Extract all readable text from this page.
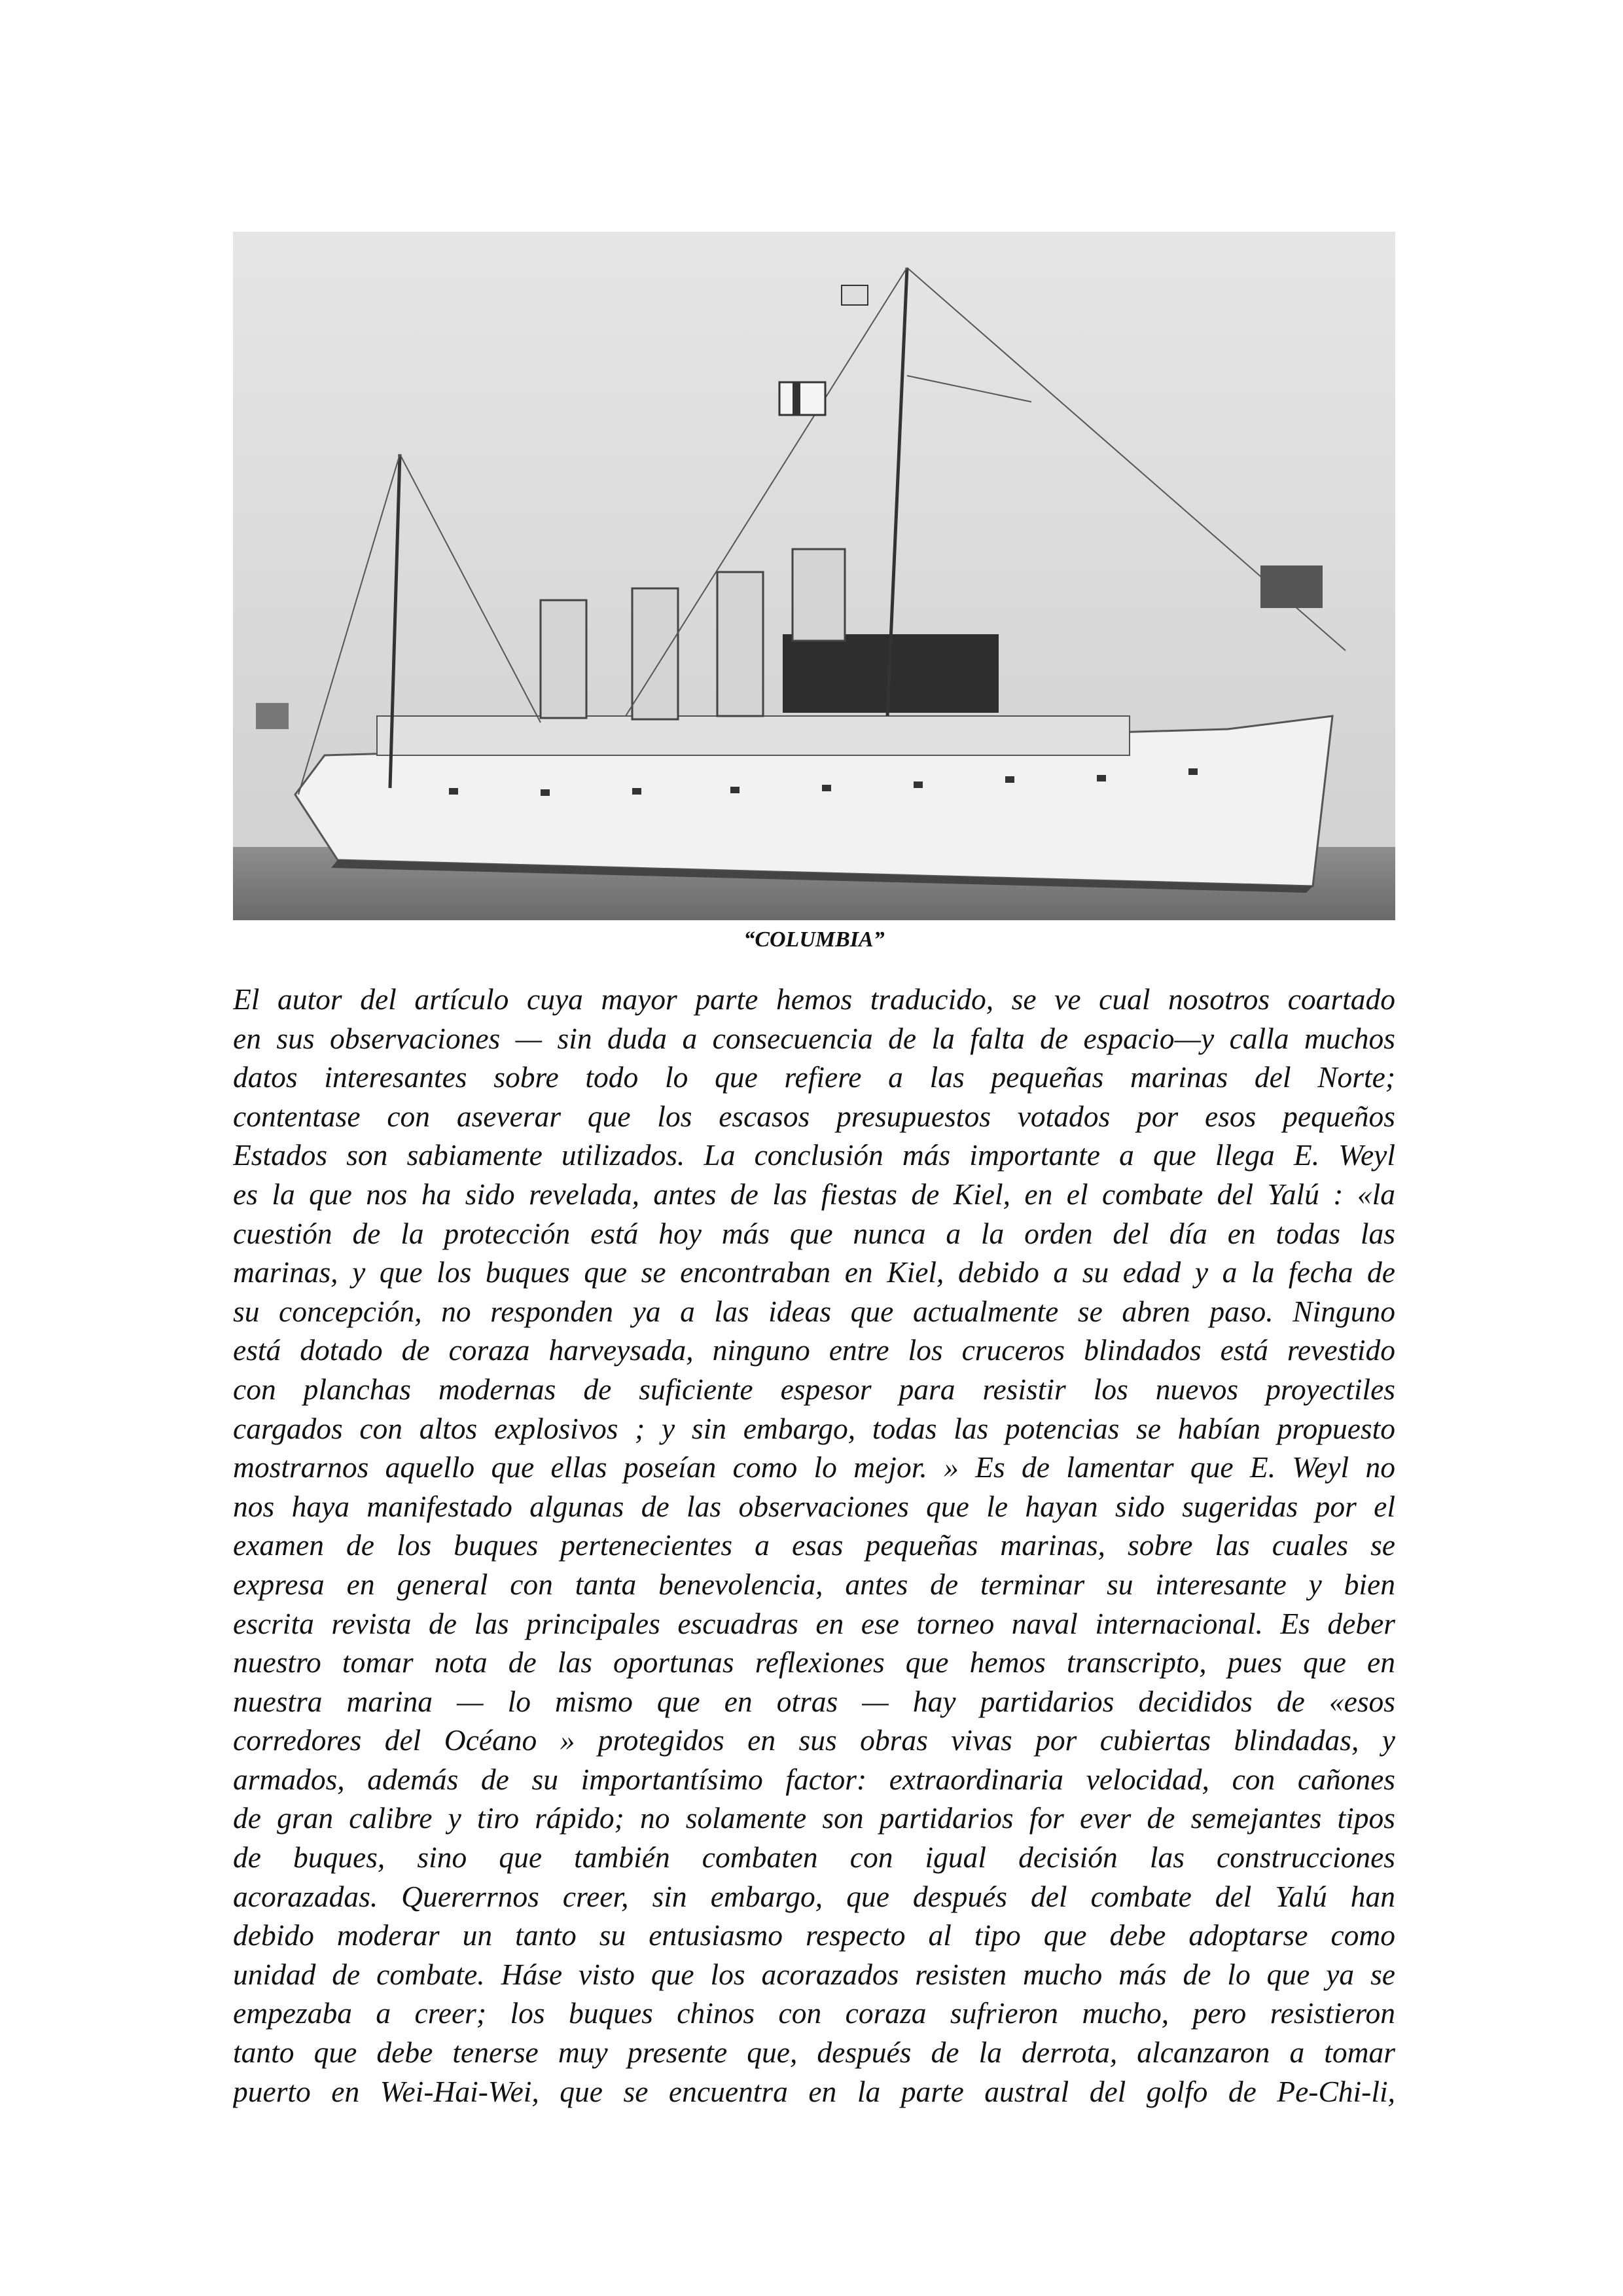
“COLUMBIA”
El autor del artículo cuya mayor parte hemos traducido, se ve cual nosotros coartado
en sus observaciones — sin duda a consecuencia de la falta de espacio—y calla muchos
datos interesantes sobre todo lo que refiere a las pequeñas marinas del Norte;
contentase con aseverar que los escasos presupuestos votados por esos pequeños
Estados son sabiamente utilizados. La conclusión más importante a que llega E. Weyl
es la que nos ha sido revelada, antes de las fiestas de Kiel, en el combate del Yalú : «la
cuestión de la protección está hoy más que nunca a la orden del día en todas las
marinas, y que los buques que se encontraban en Kiel, debido a su edad y a la fecha de
su concepción, no responden ya a las ideas que actualmente se abren paso. Ninguno
está dotado de coraza harveysada, ninguno entre los cruceros blindados está revestido
con planchas modernas de suficiente espesor para resistir los nuevos proyectiles
cargados con altos explosivos ; y sin embargo, todas las potencias se habían propuesto
mostrarnos aquello que ellas poseían como lo mejor. » Es de lamentar que E. Weyl no
nos haya manifestado algunas de las observaciones que le hayan sido sugeridas por el
examen de los buques pertenecientes a esas pequeñas marinas, sobre las cuales se
expresa en general con tanta benevolencia, antes de terminar su interesante y bien
escrita revista de las principales escuadras en ese torneo naval internacional. Es deber
nuestro tomar nota de las oportunas reflexiones que hemos transcripto, pues que en
nuestra marina — lo mismo que en otras — hay partidarios decididos de «esos
corredores del Océano » protegidos en sus obras vivas por cubiertas blindadas, y
armados, además de su importantísimo factor: extraordinaria velocidad, con cañones
de gran calibre y tiro rápido; no solamente son partidarios for ever de semejantes tipos
de buques, sino que también combaten con igual decisión las construcciones
acorazadas. Quererrnos creer, sin embargo, que después del combate del Yalú han
debido moderar un tanto su entusiasmo respecto al tipo que debe adoptarse como
unidad de combate. Háse visto que los acorazados resisten mucho más de lo que ya se
empezaba a creer; los buques chinos con coraza sufrieron mucho, pero resistieron
tanto que debe tenerse muy presente que, después de la derrota, alcanzaron a tomar
puerto en Wei-Hai-Wei, que se encuentra en la parte austral del golfo de Pe-Chi-li,
